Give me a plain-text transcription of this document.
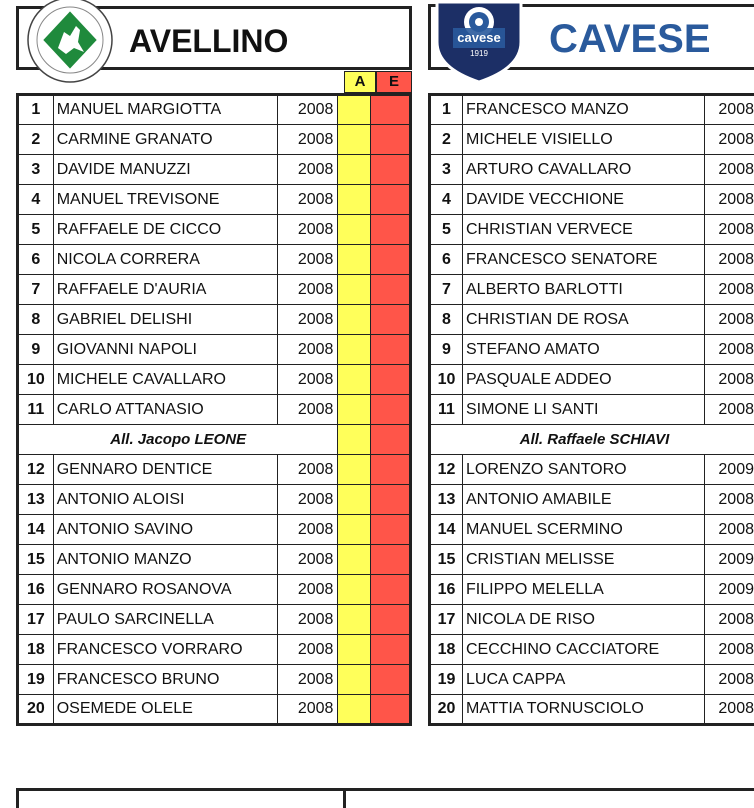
AVELLINO
A	E
CAVESE
cavese
1919
1	MANUEL MARGIOTTA	2008		
2	CARMINE GRANATO	2008		
3	DAVIDE MANUZZI	2008		
4	MANUEL TREVISONE	2008		
5	RAFFAELE DE CICCO	2008		
6	NICOLA CORRERA	2008		
7	RAFFAELE D'AURIA	2008		
8	GABRIEL DELISHI	2008		
9	GIOVANNI NAPOLI	2008		
10	MICHELE CAVALLARO	2008		
11	CARLO ATTANASIO	2008		
All. Jacopo LEONE				
12	GENNARO DENTICE	2008		
13	ANTONIO ALOISI	2008		
14	ANTONIO SAVINO	2008		
15	ANTONIO MANZO	2008		
16	GENNARO ROSANOVA	2008		
17	PAULO SARCINELLA	2008		
18	FRANCESCO VORRARO	2008		
19	FRANCESCO BRUNO	2008		
20	OSEMEDE OLELE	2008		
1	FRANCESCO MANZO	2008
2	MICHELE VISIELLO	2008
3	ARTURO CAVALLARO	2008
4	DAVIDE VECCHIONE	2008
5	CHRISTIAN VERVECE	2008
6	FRANCESCO SENATORE	2008
7	ALBERTO BARLOTTI	2008
8	CHRISTIAN DE ROSA	2008
9	STEFANO AMATO	2008
10	PASQUALE ADDEO	2008
11	SIMONE LI SANTI	2008
All. Raffaele SCHIAVI		
12	LORENZO SANTORO	2009
13	ANTONIO AMABILE	2008
14	MANUEL SCERMINO	2008
15	CRISTIAN MELISSE	2009
16	FILIPPO MELELLA	2009
17	NICOLA DE RISO	2008
18	CECCHINO CACCIATORE	2008
19	LUCA CAPPA	2008
20	MATTIA TORNUSCIOLO	2008
